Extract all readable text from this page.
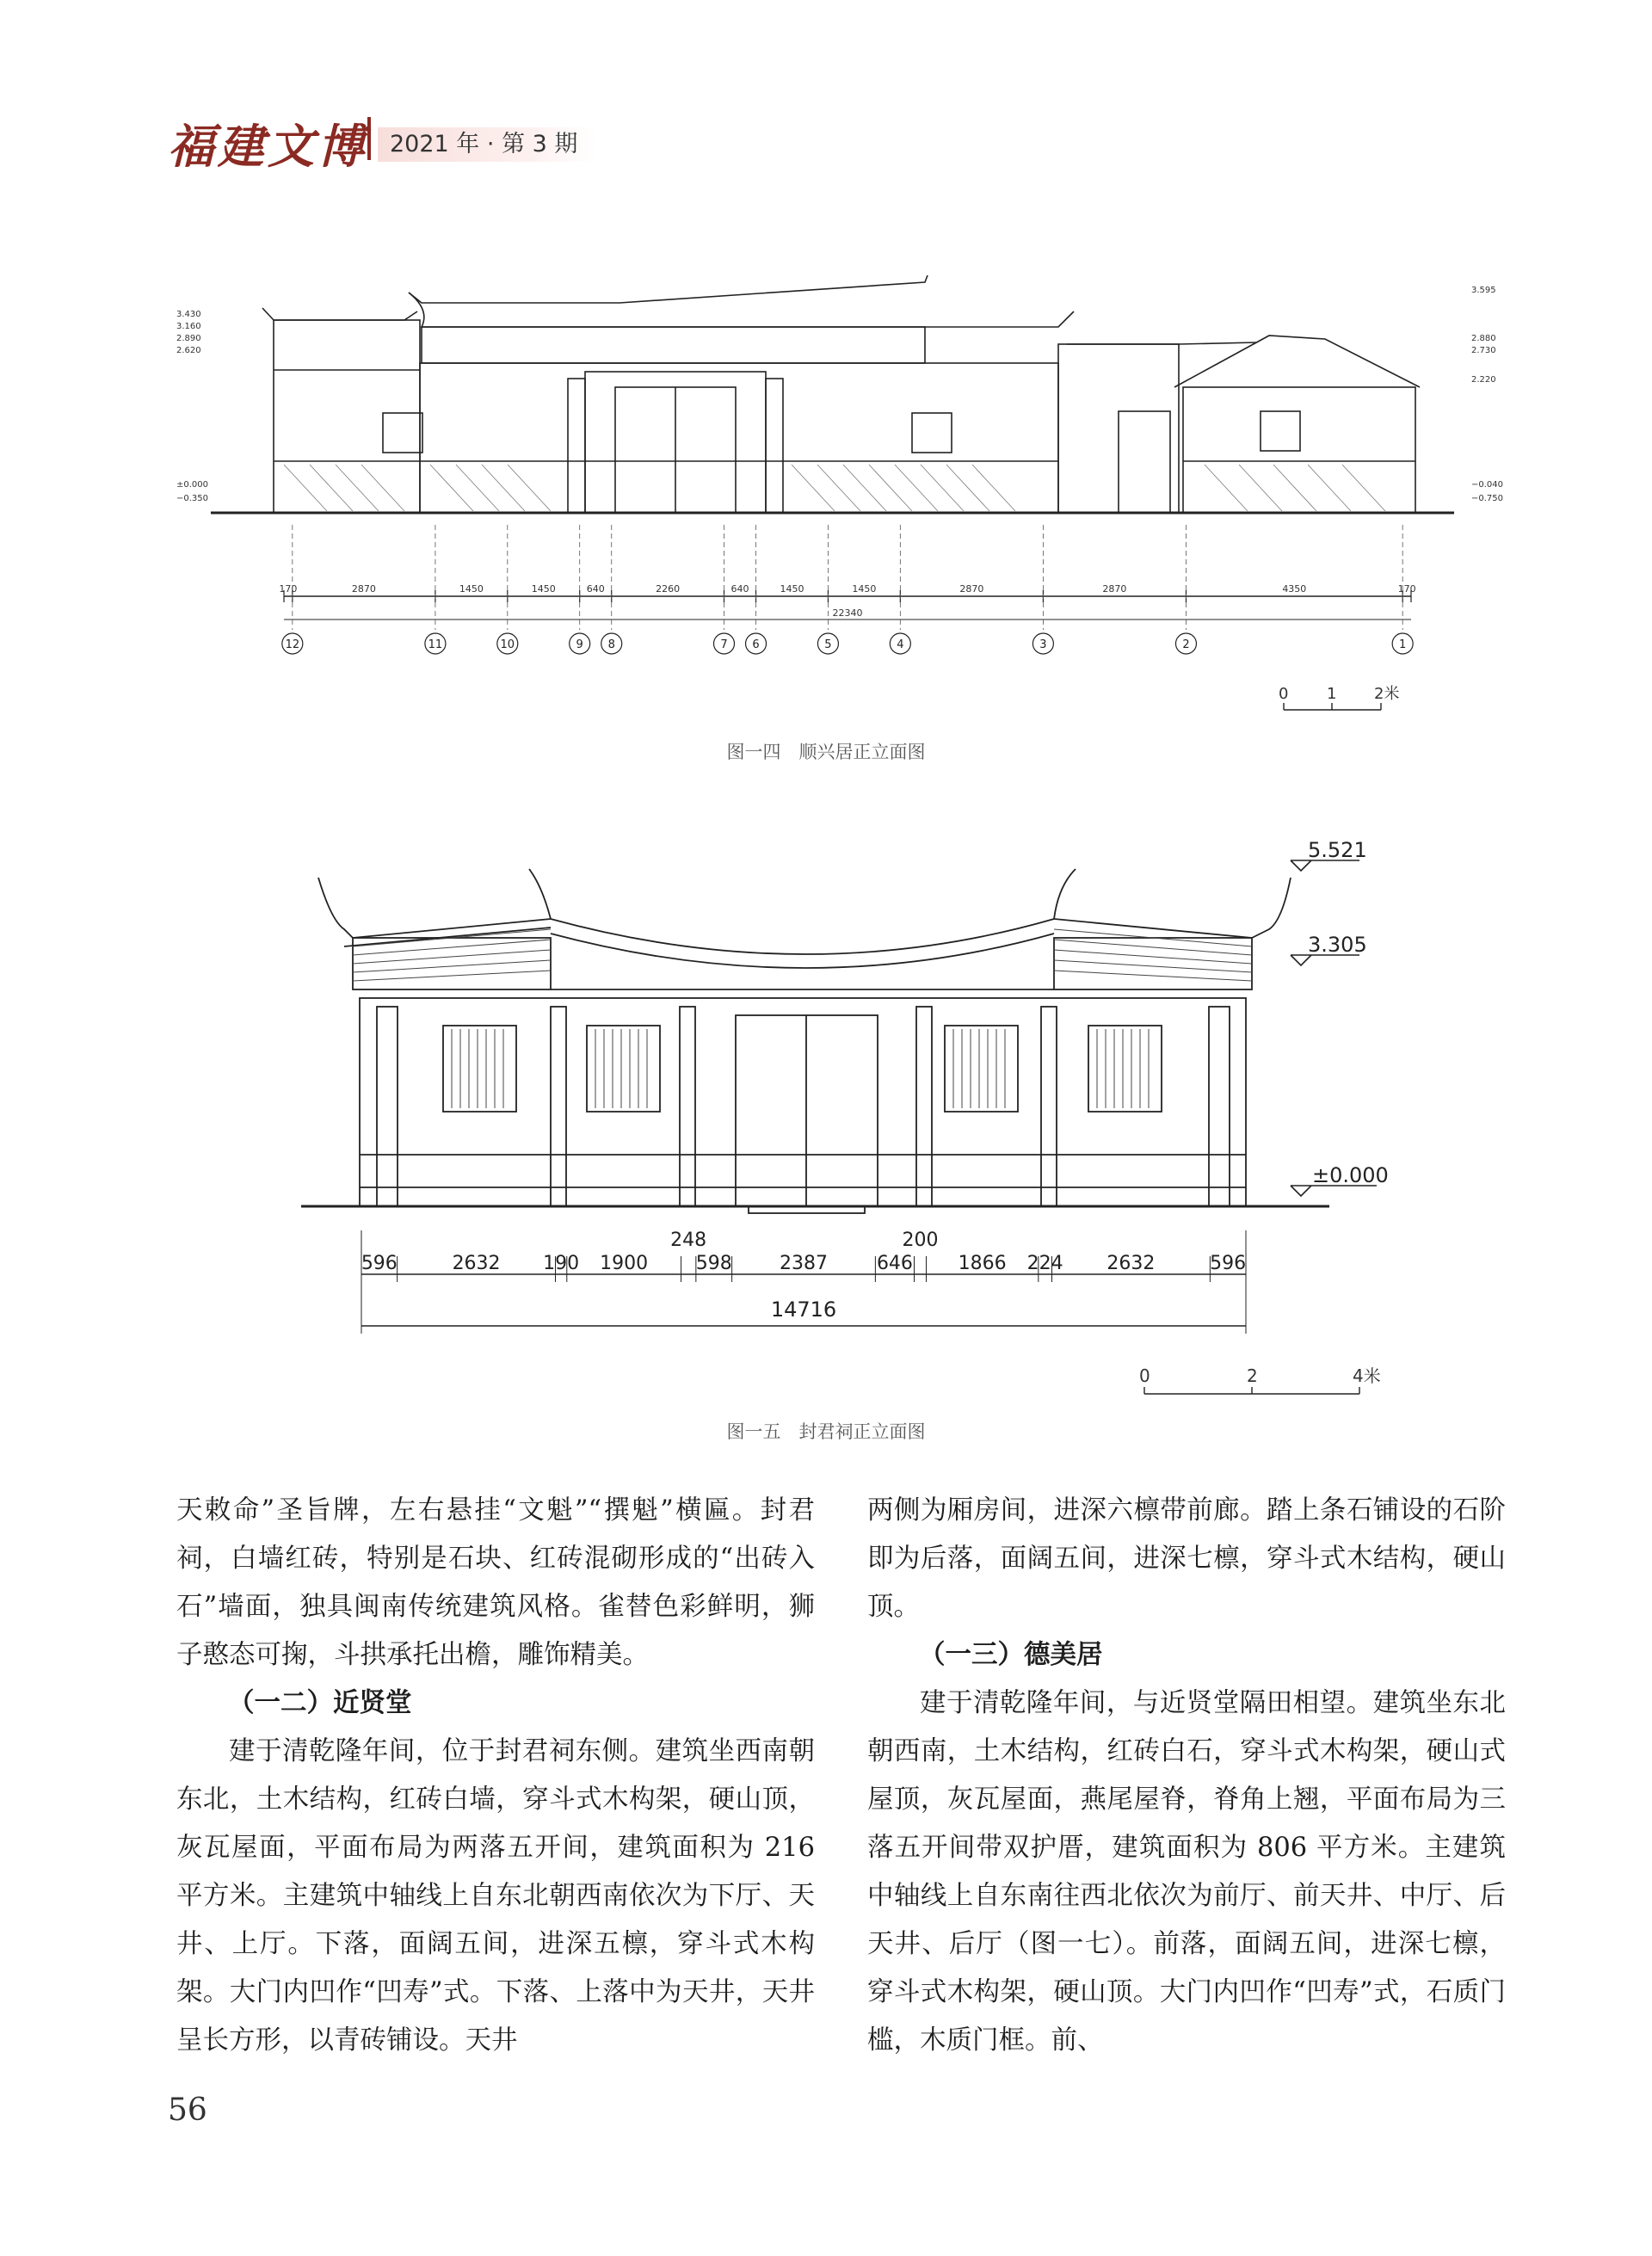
福建文博 2021 年 · 第 3 期
3.430
3.160
2.890
2.620
±0.000
−0.350
3.595
2.880
2.730
2.220
−0.040
−0.750
170	2870	1450	1450	640	2260	640	1450	1450	2870	2870	4350	170
22340
12	11	10	9 8	7 6	5	4	3	2	1
0 1 2米
图一四　顺兴居正立面图
5.521
3.305
±0.000
596	2632 190 1900
248
598	2387	646
200
1866 224 2632	596
14716
0	2	4米
图一五　封君祠正立面图

天敕命”圣旨牌，左右悬挂“文魁”“撰魁”横匾。封君祠，白墙红砖，特别是石块、红砖混砌形成的“出砖入石”墙面，独具闽南传统建筑风格。雀替色彩鲜明，狮子憨态可掬，斗拱承托出檐，雕饰精美。

（一二）近贤堂

建于清乾隆年间，位于封君祠东侧。建筑坐西南朝东北，土木结构，红砖白墙，穿斗式木构架，硬山顶，灰瓦屋面，平面布局为两落五开间，建筑面积为 216 平方米。主建筑中轴线上自东北朝西南依次为下厅、天井、上厅。下落，面阔五间，进深五檩，穿斗式木构架。大门内凹作“凹寿”式。下落、上落中为天井，天井呈长方形，以青砖铺设。天井

两侧为厢房间，进深六檩带前廊。踏上条石铺设的石阶即为后落，面阔五间，进深七檩，穿斗式木结构，硬山顶。

（一三）德美居

建于清乾隆年间，与近贤堂隔田相望。建筑坐东北朝西南，土木结构，红砖白石，穿斗式木构架，硬山式屋顶，灰瓦屋面，燕尾屋脊，脊角上翘，平面布局为三落五开间带双护厝，建筑面积为 806 平方米。主建筑中轴线上自东南往西北依次为前厅、前天井、中厅、后天井、后厅（图一七）。前落，面阔五间，进深七檩，穿斗式木构架，硬山顶。大门内凹作“凹寿”式，石质门槛，木质门框。前、

56
